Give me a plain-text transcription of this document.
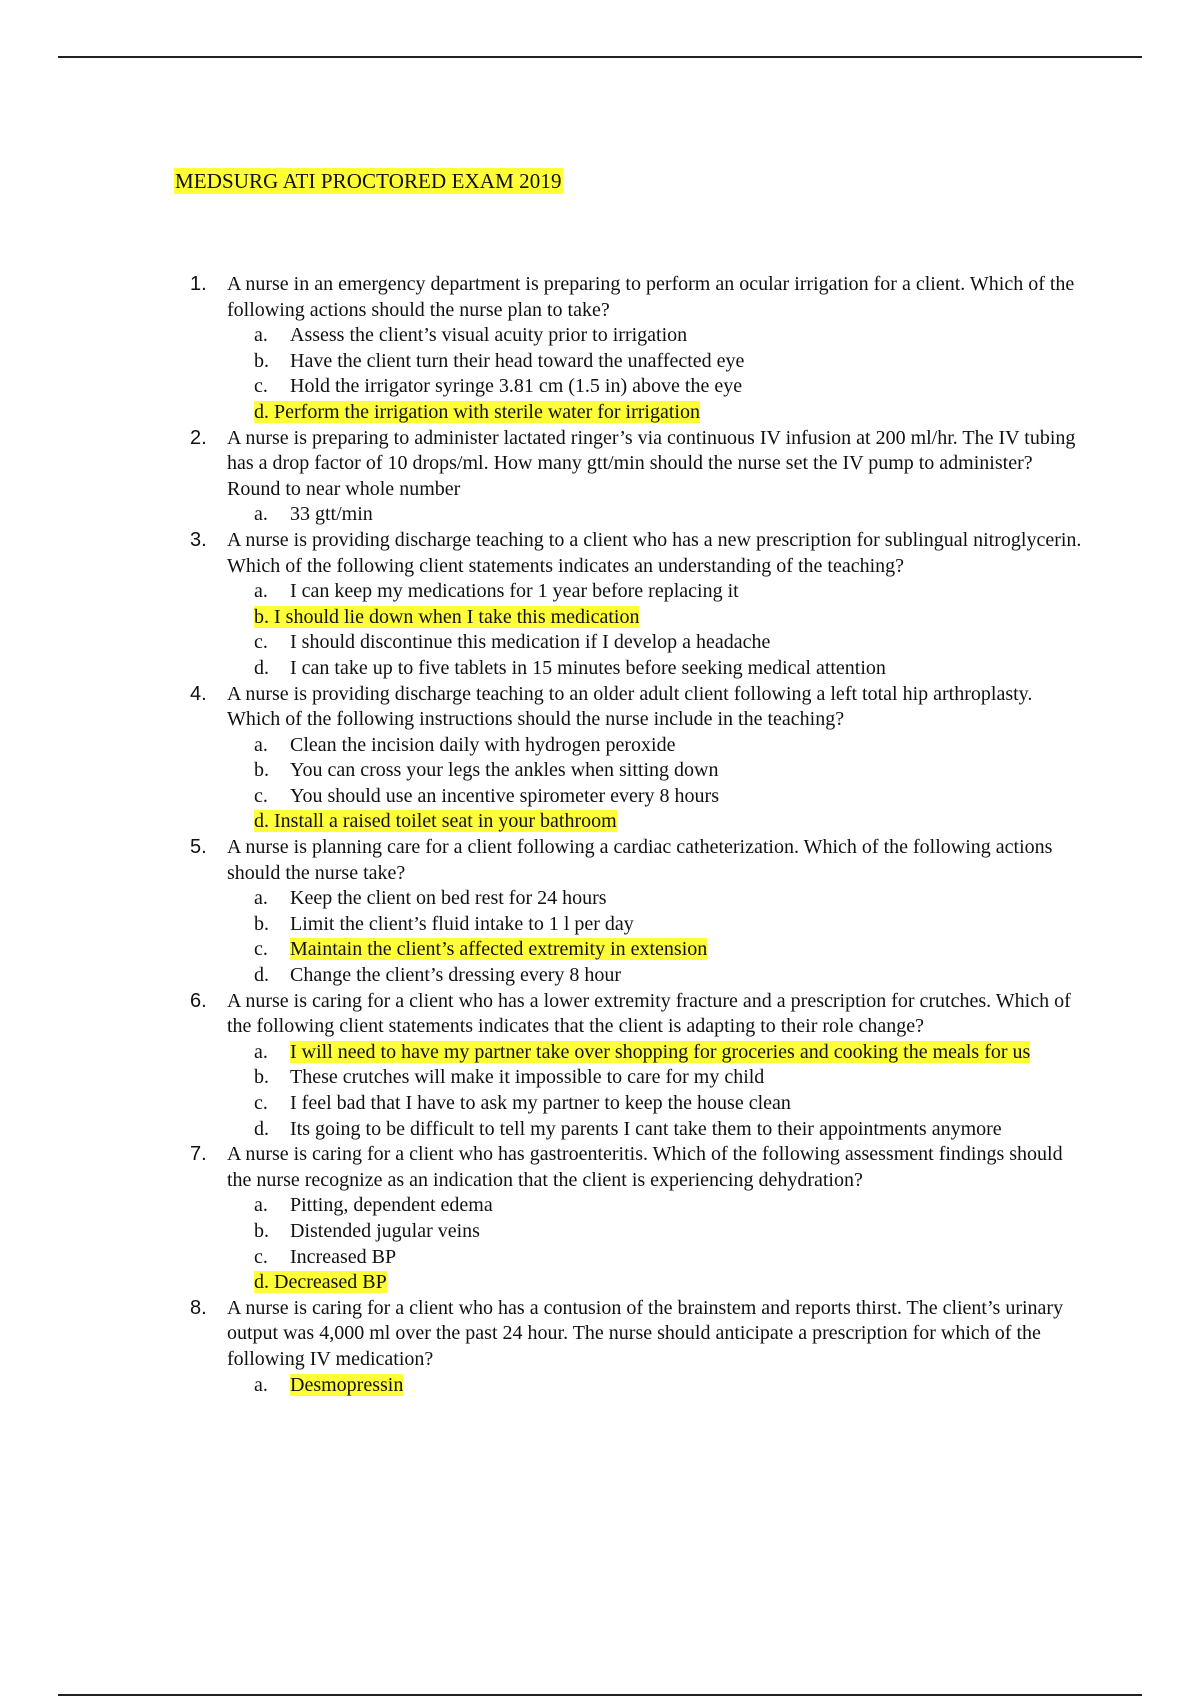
MEDSURG ATI PROCTORED EXAM 2019
1.	A nurse in an emergency department is preparing to perform an ocular irrigation for a client. Which of the following actions should the nurse plan to take?
a. Assess the client’s visual acuity prior to irrigation
b. Have the client turn their head toward the unaffected eye
c. Hold the irrigator syringe 3.81 cm (1.5 in) above the eye
d. Perform the irrigation with sterile water for irrigation
2.	A nurse is preparing to administer lactated ringer’s via continuous IV infusion at 200 ml/hr. The IV tubing has a drop factor of 10 drops/ml. How many gtt/min should the nurse set the IV pump to administer? Round to near whole number
a. 33 gtt/min
3.	A nurse is providing discharge teaching to a client who has a new prescription for sublingual nitroglycerin. Which of the following client statements indicates an understanding of the teaching?
a. I can keep my medications for 1 year before replacing it
b. I should lie down when I take this medication
c. I should discontinue this medication if I develop a headache
d. I can take up to five tablets in 15 minutes before seeking medical attention
4.	A nurse is providing discharge teaching to an older adult client following a left total hip arthroplasty. Which of the following instructions should the nurse include in the teaching?
a. Clean the incision daily with hydrogen peroxide
b. You can cross your legs the ankles when sitting down
c. You should use an incentive spirometer every 8 hours
d. Install a raised toilet seat in your bathroom
5.	A nurse is planning care for a client following a cardiac catheterization. Which of the following actions should the nurse take?
a. Keep the client on bed rest for 24 hours
b. Limit the client’s fluid intake to 1 l per day
c. Maintain the client’s affected extremity in extension
d. Change the client’s dressing every 8 hour
6.	A nurse is caring for a client who has a lower extremity fracture and a prescription for crutches. Which of the following client statements indicates that the client is adapting to their role change?
a. I will need to have my partner take over shopping for groceries and cooking the meals for us
b. These crutches will make it impossible to care for my child
c. I feel bad that I have to ask my partner to keep the house clean
d. Its going to be difficult to tell my parents I cant take them to their appointments anymore
7.	A nurse is caring for a client who has gastroenteritis. Which of the following assessment findings should the nurse recognize as an indication that the client is experiencing dehydration?
a. Pitting, dependent edema
b. Distended jugular veins
c. Increased BP
d. Decreased BP
8.	A nurse is caring for a client who has a contusion of the brainstem and reports thirst. The client’s urinary output was 4,000 ml over the past 24 hour. The nurse should anticipate a prescription for which of the following IV medication?
a. Desmopressin
